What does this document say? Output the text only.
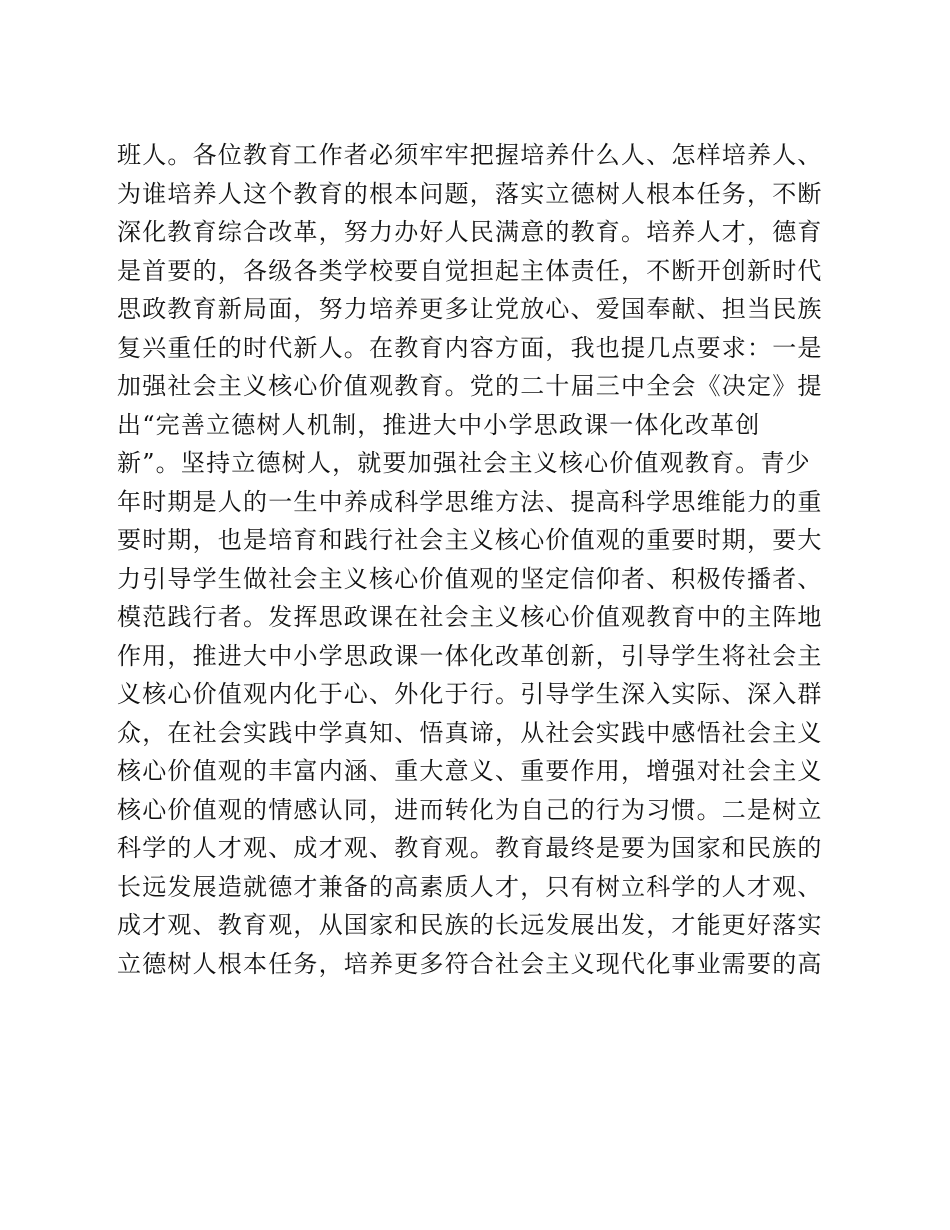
班人。各位教育工作者必须牢牢把握培养什么人、怎样培养人、
为谁培养人这个教育的根本问题，落实立德树人根本任务，不断
深化教育综合改革，努力办好人民满意的教育。培养人才，德育
是首要的，各级各类学校要自觉担起主体责任，不断开创新时代
思政教育新局面，努力培养更多让党放心、爱国奉献、担当民族
复兴重任的时代新人。在教育内容方面，我也提几点要求：一是
加强社会主义核心价值观教育。党的二十届三中全会《决定》提
出“完善立德树人机制，推进大中小学思政课一体化改革创
新”。坚持立德树人，就要加强社会主义核心价值观教育。青少
年时期是人的一生中养成科学思维方法、提高科学思维能力的重
要时期，也是培育和践行社会主义核心价值观的重要时期，要大
力引导学生做社会主义核心价值观的坚定信仰者、积极传播者、
模范践行者。发挥思政课在社会主义核心价值观教育中的主阵地
作用，推进大中小学思政课一体化改革创新，引导学生将社会主
义核心价值观内化于心、外化于行。引导学生深入实际、深入群
众，在社会实践中学真知、悟真谛，从社会实践中感悟社会主义
核心价值观的丰富内涵、重大意义、重要作用，增强对社会主义
核心价值观的情感认同，进而转化为自己的行为习惯。二是树立
科学的人才观、成才观、教育观。教育最终是要为国家和民族的
长远发展造就德才兼备的高素质人才，只有树立科学的人才观、
成才观、教育观，从国家和民族的长远发展出发，才能更好落实
立德树人根本任务，培养更多符合社会主义现代化事业需要的高
